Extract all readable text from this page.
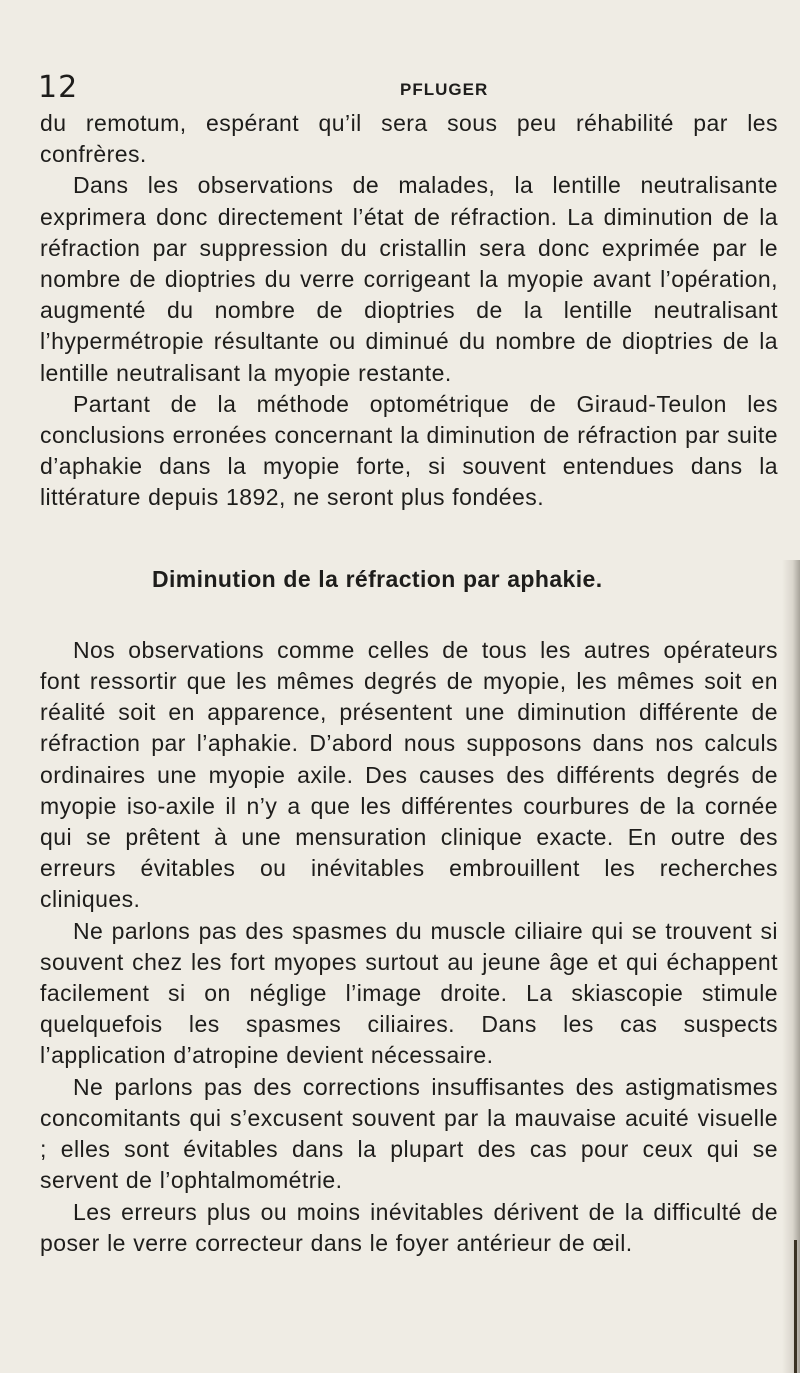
12	PFLUGER

du remotum, espérant qu’il sera sous peu réhabilité par les confrères.

Dans les observations de malades, la lentille neutralisante exprimera donc directement l’état de réfraction. La diminution de la réfraction par suppression du cristallin sera donc exprimée par le nombre de dioptries du verre corrigeant la myopie avant l’opération, augmenté du nombre de dioptries de la lentille neutralisant l’hypermétropie résultante ou diminué du nombre de dioptries de la lentille neutralisant la myopie restante.

Partant de la méthode optométrique de Giraud-Teulon les conclusions erronées concernant la diminution de réfraction par suite d’aphakie dans la myopie forte, si souvent entendues dans la littérature depuis 1892, ne seront plus fondées.

Diminution de la réfraction par aphakie.

Nos observations comme celles de tous les autres opérateurs font ressortir que les mêmes degrés de myopie, les mêmes soit en réalité soit en apparence, présentent une diminution différente de réfraction par l’aphakie. D’abord nous supposons dans nos calculs ordinaires une myopie axile. Des causes des différents degrés de myopie iso-axile il n’y a que les différentes courbures de la cornée qui se prêtent à une mensuration clinique exacte. En outre des erreurs évitables ou inévitables embrouillent les recherches cliniques.

Ne parlons pas des spasmes du muscle ciliaire qui se trouvent si souvent chez les fort myopes surtout au jeune âge et qui échappent facilement si on néglige l’image droite. La skiascopie stimule quelquefois les spasmes ciliaires. Dans les cas suspects l’application d’atropine devient nécessaire.

Ne parlons pas des corrections insuffisantes des astigmatismes concomitants qui s’excusent souvent par la mauvaise acuité visuelle ; elles sont évitables dans la plupart des cas pour ceux qui se servent de l’ophtalmométrie.

Les erreurs plus ou moins inévitables dérivent de la difficulté de poser le verre correcteur dans le foyer antérieur de œil.
